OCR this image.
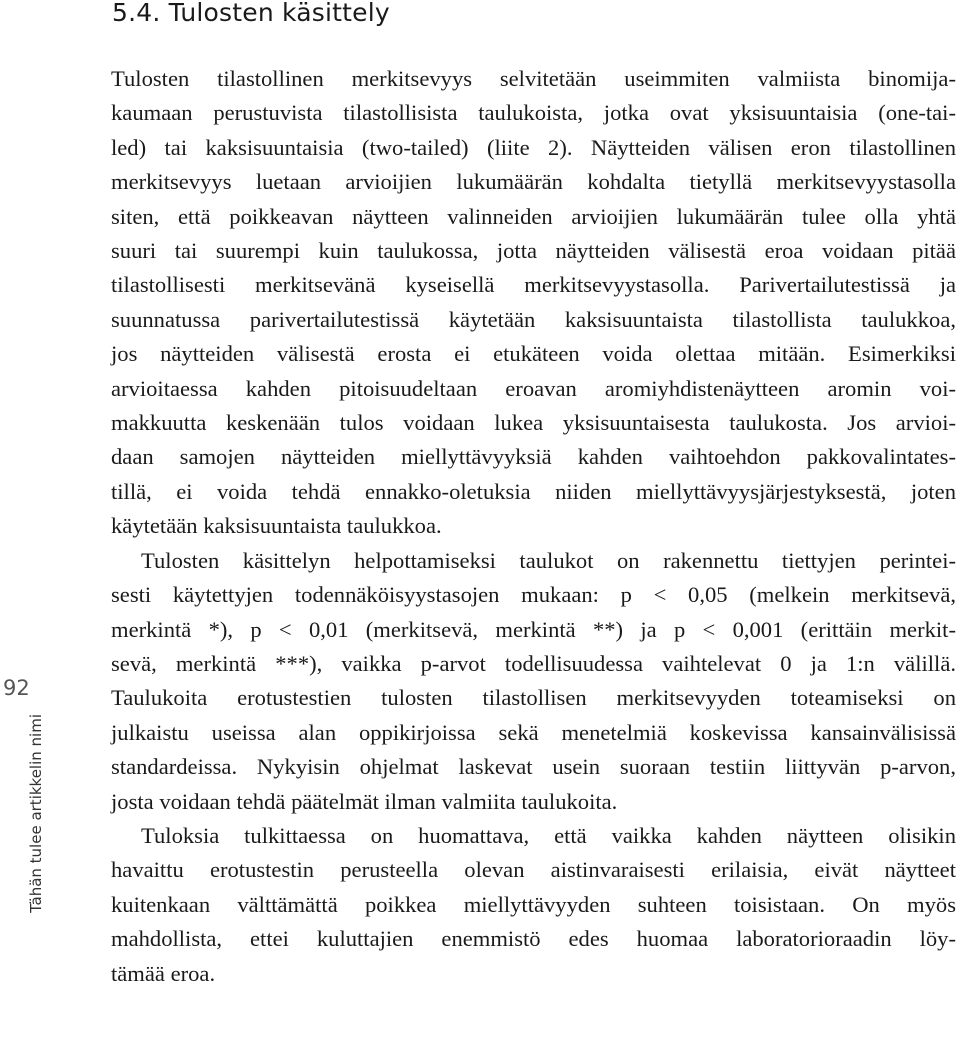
5.4. Tulosten käsittely
Tulosten tilastollinen merkitsevyys selvitetään useimmiten valmiista binomija-
kaumaan perustuvista tilastollisista taulukoista, jotka ovat yksisuuntaisia (one-tai-
led) tai kaksisuuntaisia (two-tailed) (liite 2). Näytteiden välisen eron tilastollinen
merkitsevyys luetaan arvioijien lukumäärän kohdalta tietyllä merkitsevyystasolla
siten, että poikkeavan näytteen valinneiden arvioijien lukumäärän tulee olla yhtä
suuri tai suurempi kuin taulukossa, jotta näytteiden välisestä eroa voidaan pitää
tilastollisesti merkitsevänä kyseisellä merkitsevyystasolla. Parivertailutestissä ja
suunnatussa parivertailutestissä käytetään kaksisuuntaista tilastollista taulukkoa,
jos näytteiden välisestä erosta ei etukäteen voida olettaa mitään. Esimerkiksi
arvioitaessa kahden pitoisuudeltaan eroavan aromiyhdistenäytteen aromin voi-
makkuutta keskenään tulos voidaan lukea yksisuuntaisesta taulukosta. Jos arvioi-
daan samojen näytteiden miellyttävyyksiä kahden vaihtoehdon pakkovalintates-
tillä, ei voida tehdä ennakko-oletuksia niiden miellyttävyysjärjestyksestä, joten
käytetään kaksisuuntaista taulukkoa.
Tulosten käsittelyn helpottamiseksi taulukot on rakennettu tiettyjen perintei-
sesti käytettyjen todennäköisyystasojen mukaan: p < 0,05 (melkein merkitsevä,
merkintä *), p < 0,01 (merkitsevä, merkintä **) ja p < 0,001 (erittäin merkit-
sevä, merkintä ***), vaikka p-arvot todellisuudessa vaihtelevat 0 ja 1:n välillä.
Taulukoita erotustestien tulosten tilastollisen merkitsevyyden toteamiseksi on
julkaistu useissa alan oppikirjoissa sekä menetelmiä koskevissa kansainvälisissä
standardeissa. Nykyisin ohjelmat laskevat usein suoraan testiin liittyvän p-arvon,
josta voidaan tehdä päätelmät ilman valmiita taulukoita.
Tuloksia tulkittaessa on huomattava, että vaikka kahden näytteen olisikin
havaittu erotustestin perusteella olevan aistinvaraisesti erilaisia, eivät näytteet
kuitenkaan välttämättä poikkea miellyttävyyden suhteen toisistaan. On myös
mahdollista, ettei kuluttajien enemmistö edes huomaa laboratorioraadin löy-
tämää eroa.
92
Tähän tulee artikkelin nimi
